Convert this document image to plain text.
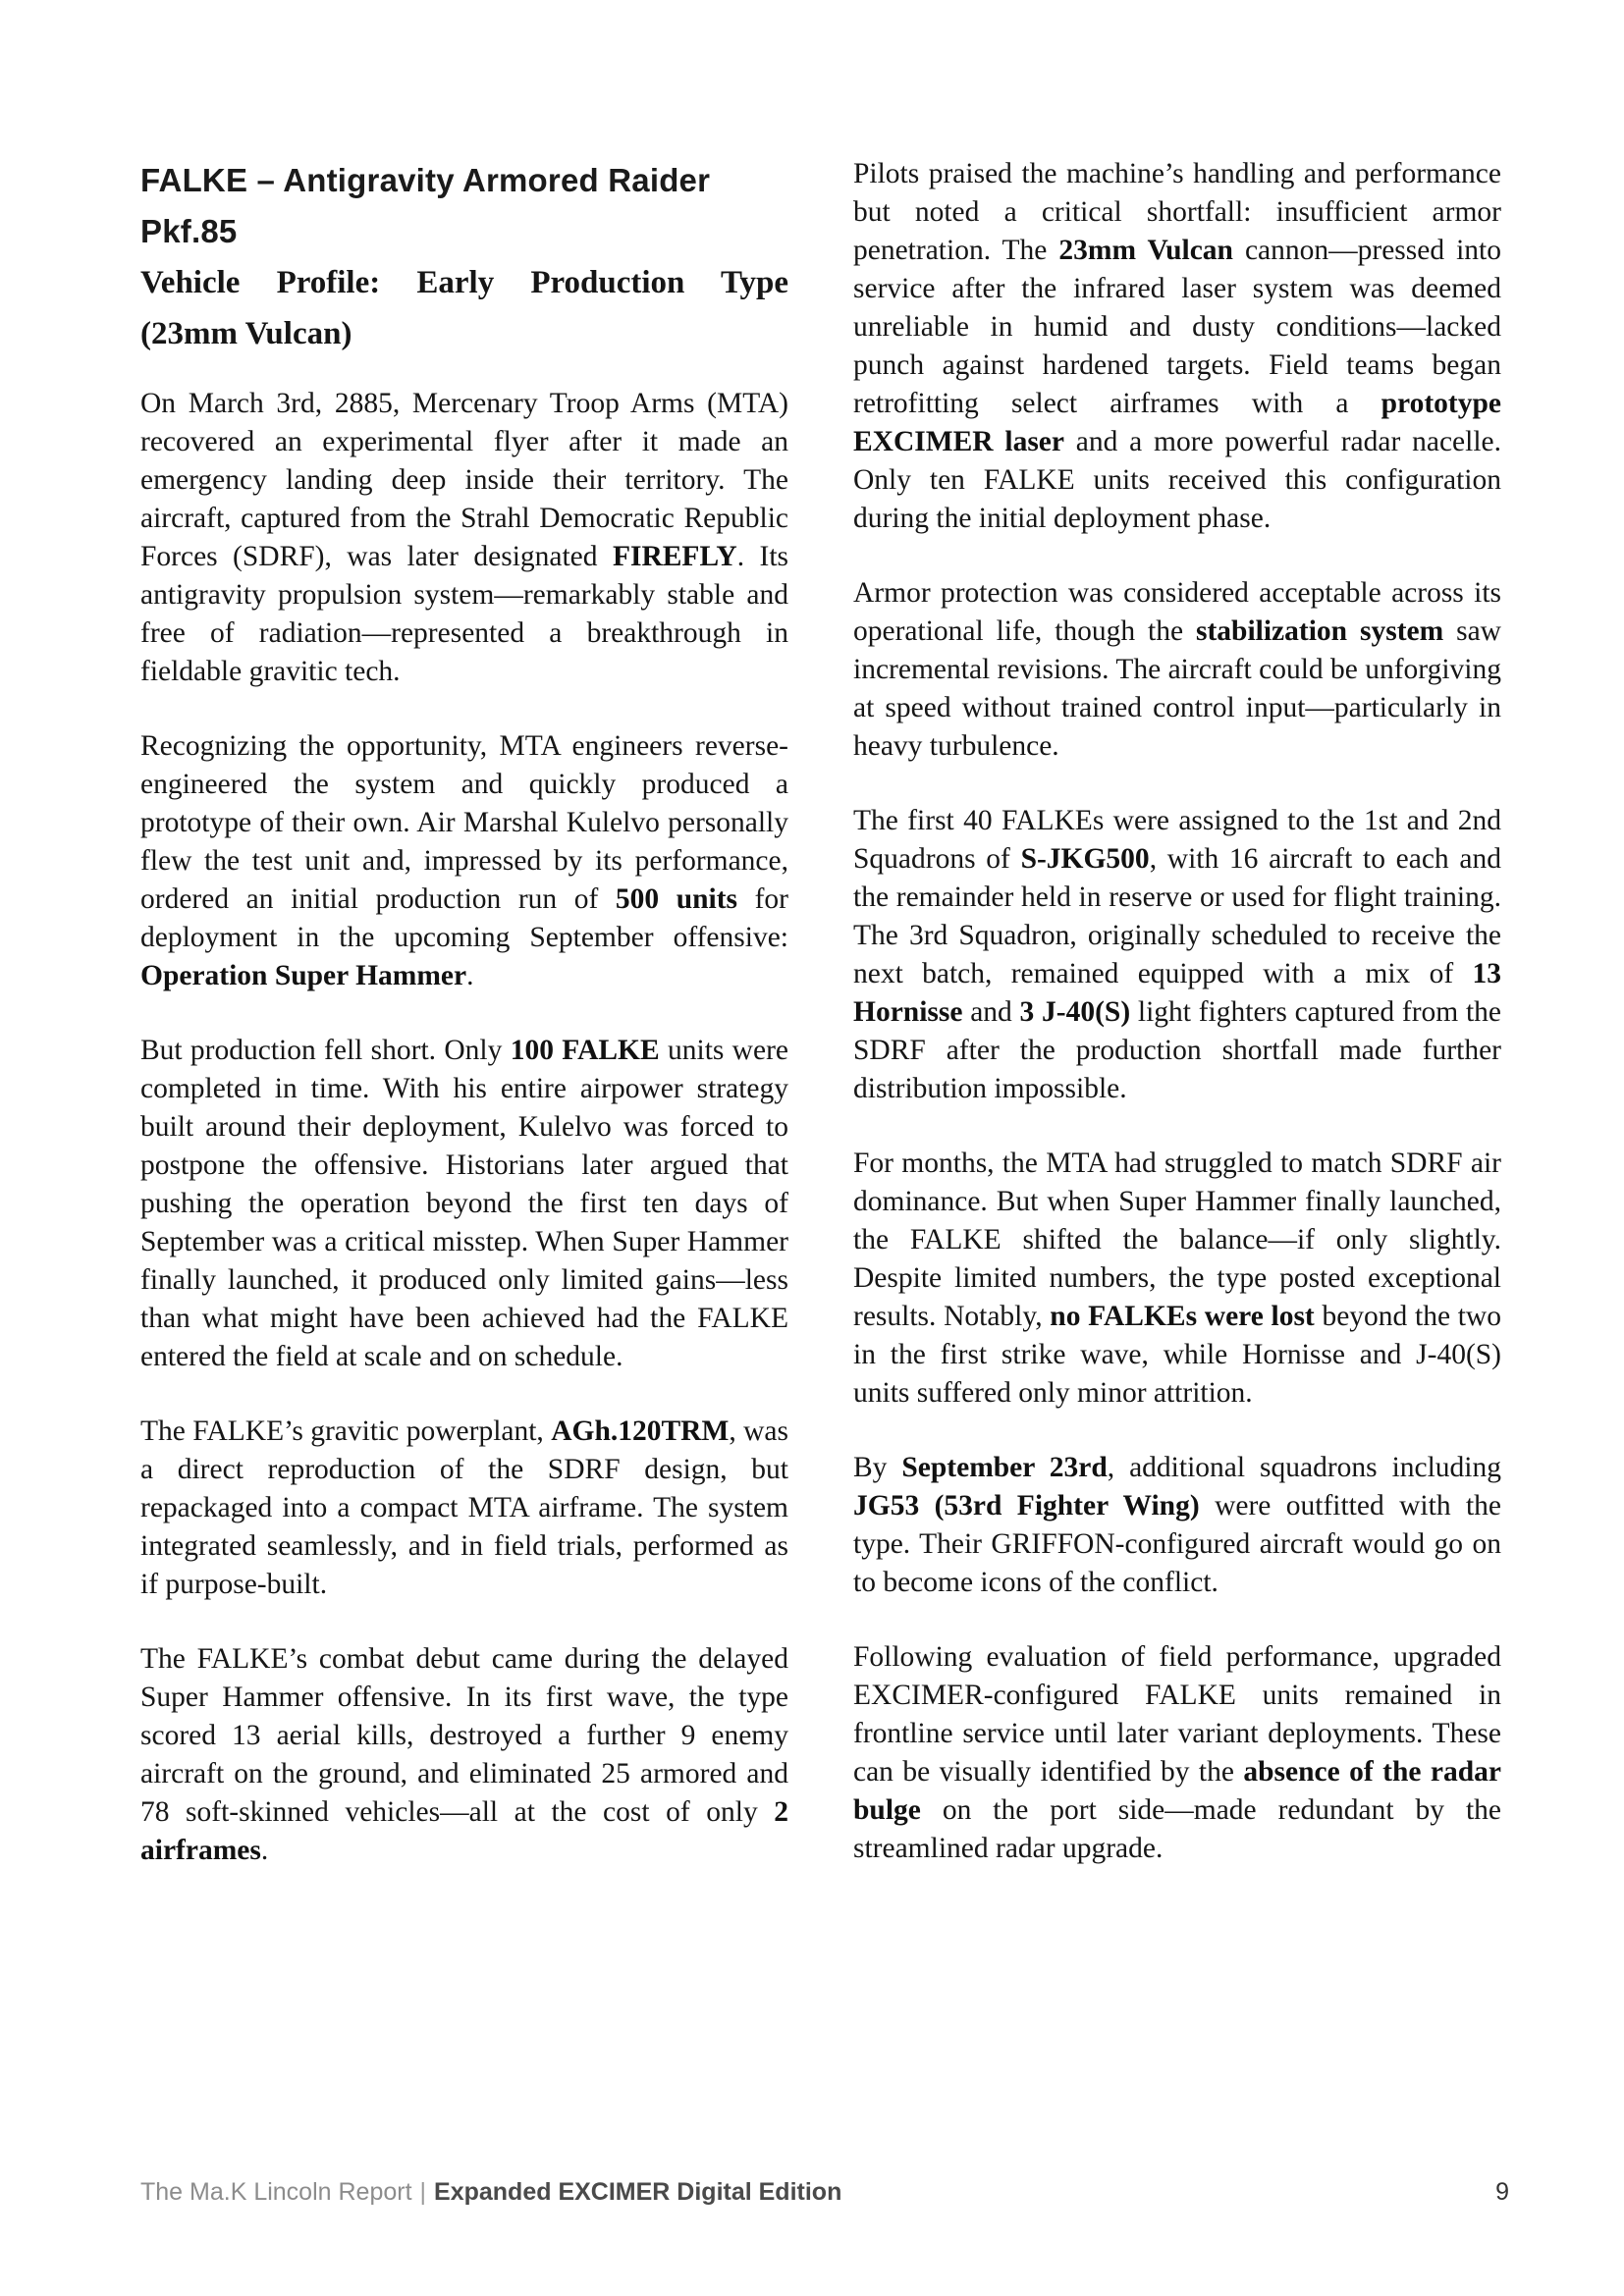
FALKE – Antigravity Armored Raider
Pkf.85
Vehicle Profile: Early Production Type
(23mm Vulcan)

On March 3rd, 2885, Mercenary Troop Arms (MTA) recovered an experimental flyer after it made an emergency landing deep inside their territory. The aircraft, captured from the Strahl Democratic Republic Forces (SDRF), was later designated FIREFLY. Its antigravity propulsion system—remarkably stable and free of radiation—represented a breakthrough in fieldable gravitic tech.

Recognizing the opportunity, MTA engineers reverse-engineered the system and quickly produced a prototype of their own. Air Marshal Kulelvo personally flew the test unit and, impressed by its performance, ordered an initial production run of 500 units for deployment in the upcoming September offensive: Operation Super Hammer.

But production fell short. Only 100 FALKE units were completed in time. With his entire airpower strategy built around their deployment, Kulelvo was forced to postpone the offensive. Historians later argued that pushing the operation beyond the first ten days of September was a critical misstep. When Super Hammer finally launched, it produced only limited gains—less than what might have been achieved had the FALKE entered the field at scale and on schedule.

The FALKE’s gravitic powerplant, AGh.120TRM, was a direct reproduction of the SDRF design, but repackaged into a compact MTA airframe. The system integrated seamlessly, and in field trials, performed as if purpose-built.

The FALKE’s combat debut came during the delayed Super Hammer offensive. In its first wave, the type scored 13 aerial kills, destroyed a further 9 enemy aircraft on the ground, and eliminated 25 armored and 78 soft-skinned vehicles—all at the cost of only 2 airframes.

Pilots praised the machine’s handling and performance but noted a critical shortfall: insufficient armor penetration. The 23mm Vulcan cannon—pressed into service after the infrared laser system was deemed unreliable in humid and dusty conditions—lacked punch against hardened targets. Field teams began retrofitting select airframes with a prototype EXCIMER laser and a more powerful radar nacelle. Only ten FALKE units received this configuration during the initial deployment phase.

Armor protection was considered acceptable across its operational life, though the stabilization system saw incremental revisions. The aircraft could be unforgiving at speed without trained control input—particularly in heavy turbulence.

The first 40 FALKEs were assigned to the 1st and 2nd Squadrons of S-JKG500, with 16 aircraft to each and the remainder held in reserve or used for flight training. The 3rd Squadron, originally scheduled to receive the next batch, remained equipped with a mix of 13 Hornisse and 3 J-40(S) light fighters captured from the SDRF after the production shortfall made further distribution impossible.

For months, the MTA had struggled to match SDRF air dominance. But when Super Hammer finally launched, the FALKE shifted the balance—if only slightly. Despite limited numbers, the type posted exceptional results. Notably, no FALKEs were lost beyond the two in the first strike wave, while Hornisse and J-40(S) units suffered only minor attrition.

By September 23rd, additional squadrons including JG53 (53rd Fighter Wing) were outfitted with the type. Their GRIFFON-configured aircraft would go on to become icons of the conflict.

Following evaluation of field performance, upgraded EXCIMER-configured FALKE units remained in frontline service until later variant deployments. These can be visually identified by the absence of the radar bulge on the port side—made redundant by the streamlined radar upgrade.

The Ma.K Lincoln Report | Expanded EXCIMER Digital Edition	9
